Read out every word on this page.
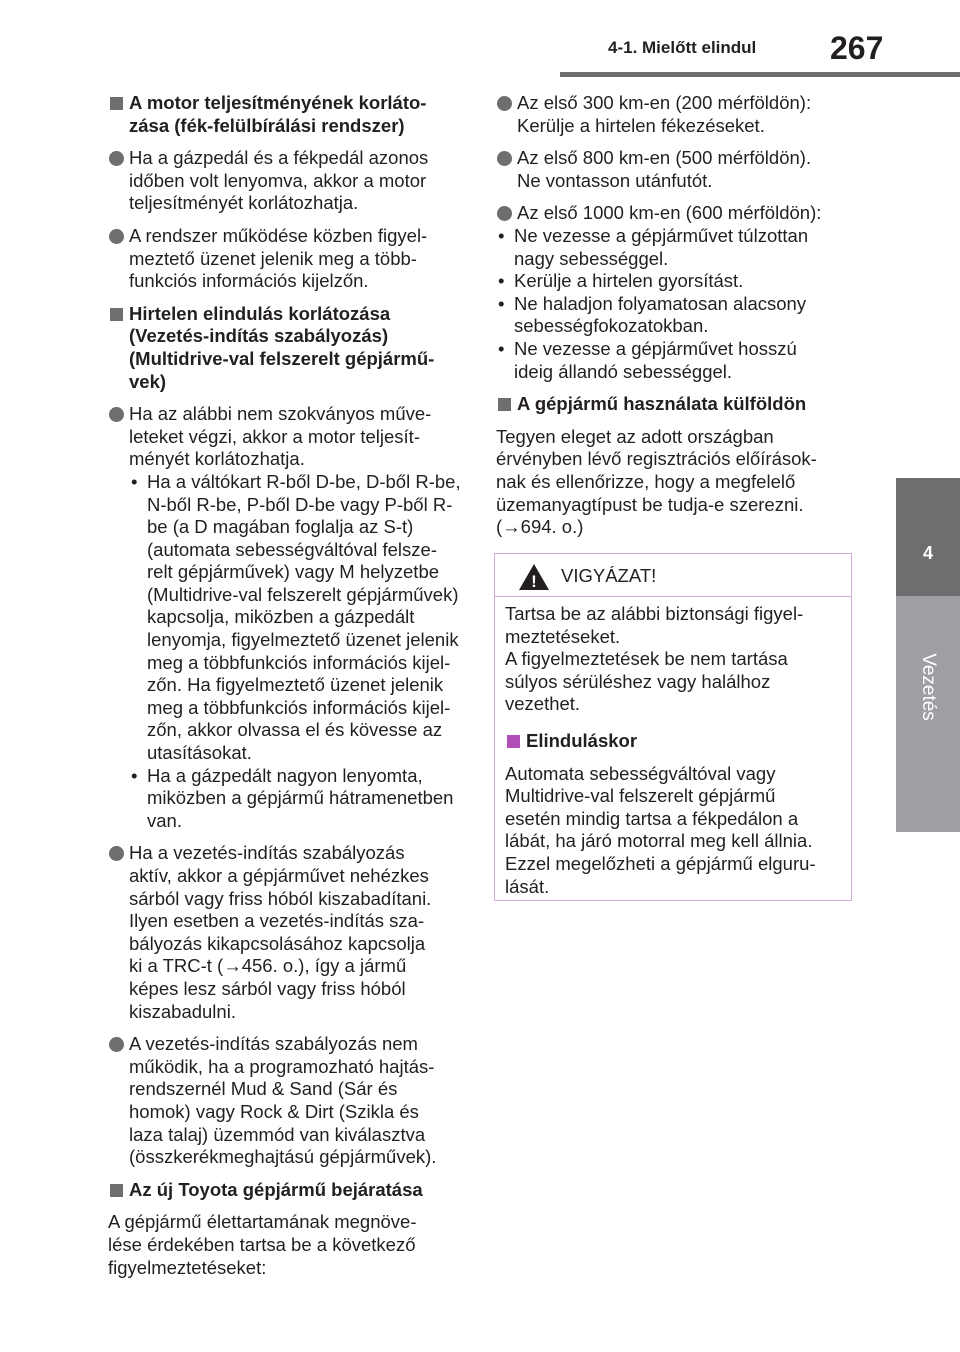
4-1. Mielőtt elindul 267
4
Vezetés
A motor teljesítményének korláto-
zása (fék-felülbírálási rendszer)
Ha a gázpedál és a fékpedál azonos
időben volt lenyomva, akkor a motor
teljesítményét korlátozhatja.
A rendszer működése közben figyel-
meztető üzenet jelenik meg a több-
funkciós információs kijelzőn.
Hirtelen elindulás korlátozása
(Vezetés-indítás szabályozás)
(Multidrive-val felszerelt gépjármű-
vek)
Ha az alábbi nem szokványos műve-
leteket végzi, akkor a motor teljesít-
ményét korlátozhatja.
• Ha a váltókart R-ből D-be, D-ből R-be,
N-ből R-be, P-ből D-be vagy P-ből R-
be (a D magában foglalja az S-t)
(automata sebességváltóval felsze-
relt gépjárművek) vagy M helyzetbe
(Multidrive-val felszerelt gépjárművek)
kapcsolja, miközben a gázpedált
lenyomja, figyelmeztető üzenet jelenik
meg a többfunkciós információs kijel-
zőn. Ha figyelmeztető üzenet jelenik
meg a többfunkciós információs kijel-
zőn, akkor olvassa el és kövesse az
utasításokat.
• Ha a gázpedált nagyon lenyomta,
miközben a gépjármű hátramenetben
van.
Ha a vezetés-indítás szabályozás
aktív, akkor a gépjárművet nehézkes
sárból vagy friss hóból kiszabadítani.
Ilyen esetben a vezetés-indítás sza-
bályozás kikapcsolásához kapcsolja
ki a TRC-t (→456. o.), így a jármű
képes lesz sárból vagy friss hóból
kiszabadulni.
A vezetés-indítás szabályozás nem
működik, ha a programozható hajtás-
rendszernél Mud & Sand (Sár és
homok) vagy Rock & Dirt (Szikla és
laza talaj) üzemmód van kiválasztva
(összkerékmeghajtású gépjárművek).
Az új Toyota gépjármű bejáratása
A gépjármű élettartamának megnöve-
lése érdekében tartsa be a következő
figyelmeztetéseket:
Az első 300 km-en (200 mérföldön):
Kerülje a hirtelen fékezéseket.
Az első 800 km-en (500 mérföldön).
Ne vontasson utánfutót.
Az első 1000 km-en (600 mérföldön):
• Ne vezesse a gépjárművet túlzottan
nagy sebességgel.
• Kerülje a hirtelen gyorsítást.
• Ne haladjon folyamatosan alacsony
sebességfokozatokban.
• Ne vezesse a gépjárművet hosszú
ideig állandó sebességgel.
A gépjármű használata külföldön
Tegyen eleget az adott országban
érvényben lévő regisztrációs előírások-
nak és ellenőrizze, hogy a megfelelő
üzemanyagtípust be tudja-e szerezni.
(→694. o.)
! VIGYÁZAT!
Tartsa be az alábbi biztonsági figyel-
meztetéseket.
A figyelmeztetések be nem tartása
súlyos sérüléshez vagy halálhoz
vezethet.
Elinduláskor
Automata sebességváltóval vagy
Multidrive-val felszerelt gépjármű
esetén mindig tartsa a fékpedálon a
lábát, ha járó motorral meg kell állnia.
Ezzel megelőzheti a gépjármű elguru-
lását.
